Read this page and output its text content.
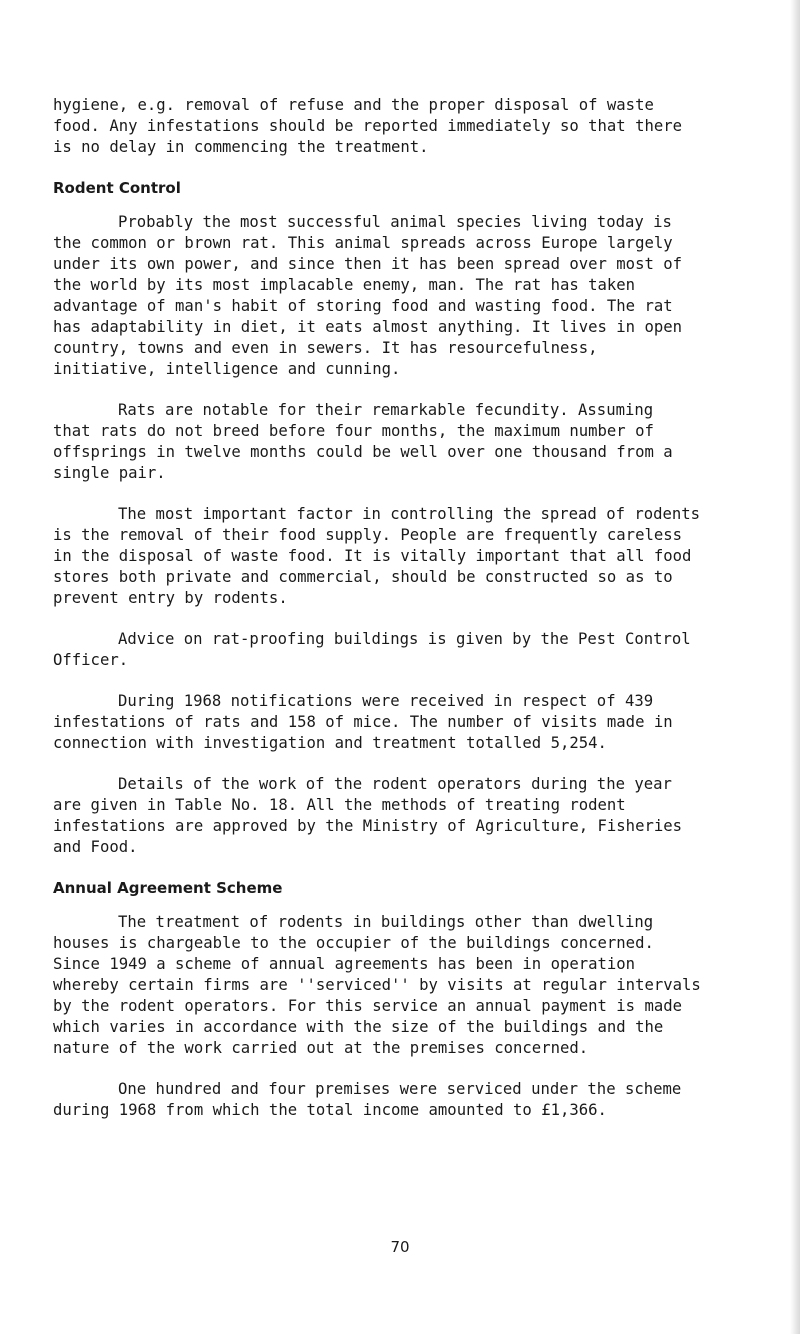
hygiene, e.g. removal of refuse and the proper disposal of waste
food. Any infestations should be reported immediately so that there
is no delay in commencing the treatment.

Rodent Control

Probably the most successful animal species living today is
the common or brown rat. This animal spreads across Europe largely
under its own power, and since then it has been spread over most of
the world by its most implacable enemy, man. The rat has taken
advantage of man's habit of storing food and wasting food. The rat
has adaptability in diet, it eats almost anything. It lives in open
country, towns and even in sewers. It has resourcefulness,
initiative, intelligence and cunning.

Rats are notable for their remarkable fecundity. Assuming
that rats do not breed before four months, the maximum number of
offsprings in twelve months could be well over one thousand from a
single pair.

The most important factor in controlling the spread of rodents
is the removal of their food supply. People are frequently careless
in the disposal of waste food. It is vitally important that all food
stores both private and commercial, should be constructed so as to
prevent entry by rodents.

Advice on rat-proofing buildings is given by the Pest Control
Officer.

During 1968 notifications were received in respect of 439
infestations of rats and 158 of mice. The number of visits made in
connection with investigation and treatment totalled 5,254.

Details of the work of the rodent operators during the year
are given in Table No. 18. All the methods of treating rodent
infestations are approved by the Ministry of Agriculture, Fisheries
and Food.

Annual Agreement Scheme

The treatment of rodents in buildings other than dwelling
houses is chargeable to the occupier of the buildings concerned.
Since 1949 a scheme of annual agreements has been in operation
whereby certain firms are ''serviced'' by visits at regular intervals
by the rodent operators. For this service an annual payment is made
which varies in accordance with the size of the buildings and the
nature of the work carried out at the premises concerned.

One hundred and four premises were serviced under the scheme
during 1968 from which the total income amounted to £1,366.

70
